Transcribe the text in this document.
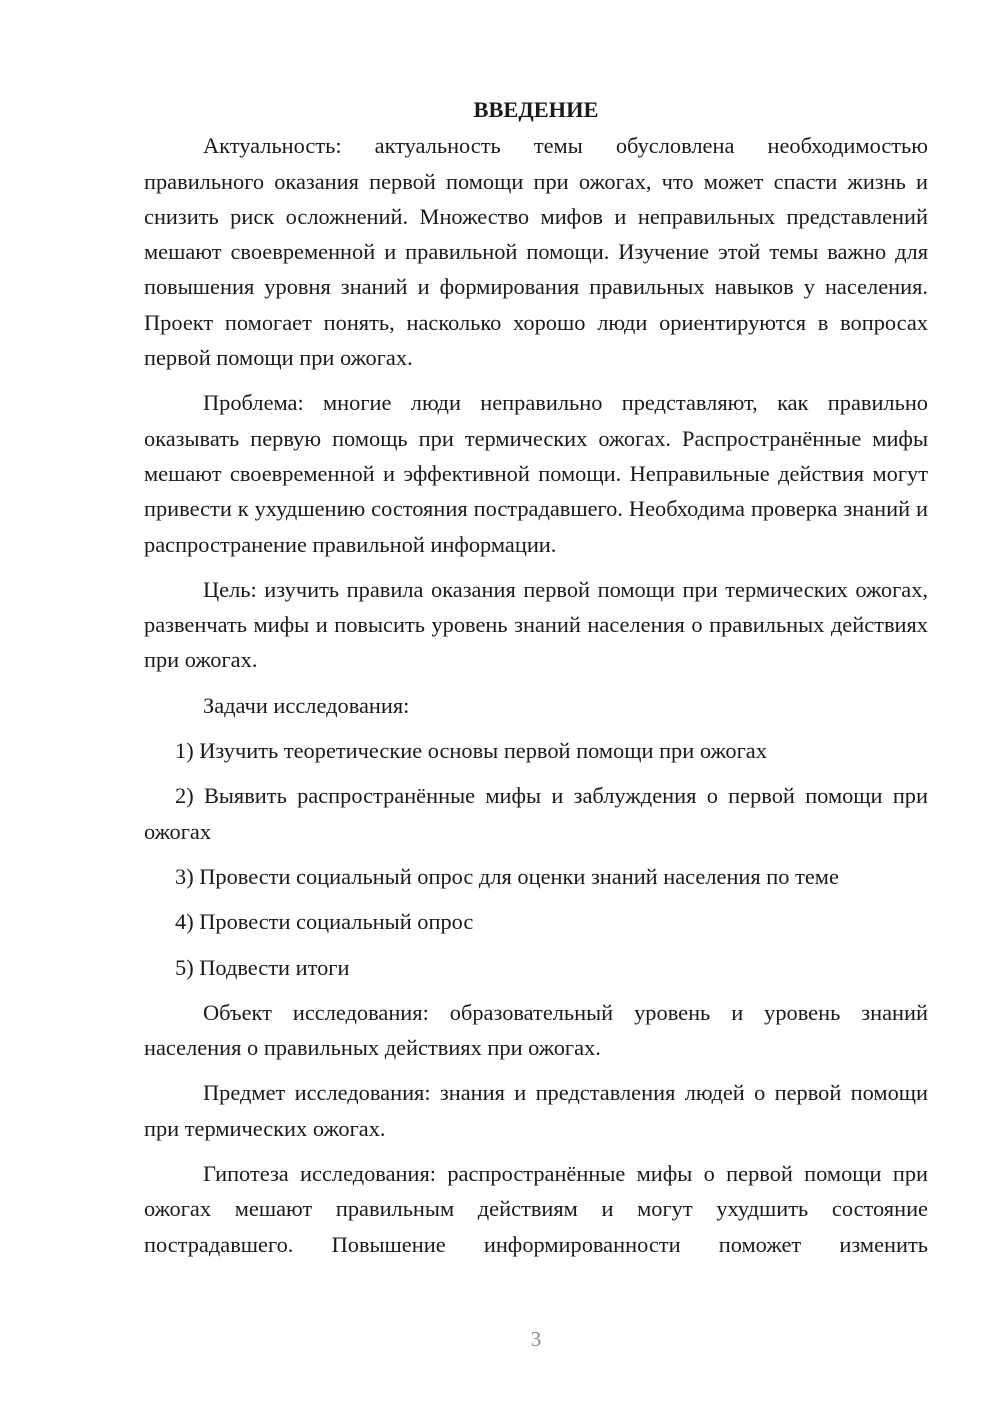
ВВЕДЕНИЕ

Актуальность: актуальность темы обусловлена необходимостью правильного оказания первой помощи при ожогах, что может спасти жизнь и снизить риск осложнений. Множество мифов и неправильных представлений мешают своевременной и правильной помощи. Изучение этой темы важно для повышения уровня знаний и формирования правильных навыков у населения. Проект помогает понять, насколько хорошо люди ориентируются в вопросах первой помощи при ожогах.

Проблема: многие люди неправильно представляют, как правильно оказывать первую помощь при термических ожогах. Распространённые мифы мешают своевременной и эффективной помощи. Неправильные действия могут привести к ухудшению состояния пострадавшего. Необходима проверка знаний и распространение правильной информации.

Цель: изучить правила оказания первой помощи при термических ожогах, развенчать мифы и повысить уровень знаний населения о правильных действиях при ожогах.

Задачи исследования:

1) Изучить теоретические основы первой помощи при ожогах

2) Выявить распространённые мифы и заблуждения о первой помощи при ожогах

3) Провести социальный опрос для оценки знаний населения по теме

4) Провести социальный опрос

5) Подвести итоги

Объект исследования: образовательный уровень и уровень знаний населения о правильных действиях при ожогах.

Предмет исследования: знания и представления людей о первой помощи при термических ожогах.

Гипотеза исследования: распространённые мифы о первой помощи при ожогах мешают правильным действиям и могут ухудшить состояние пострадавшего. Повышение информированности поможет изменить

3
